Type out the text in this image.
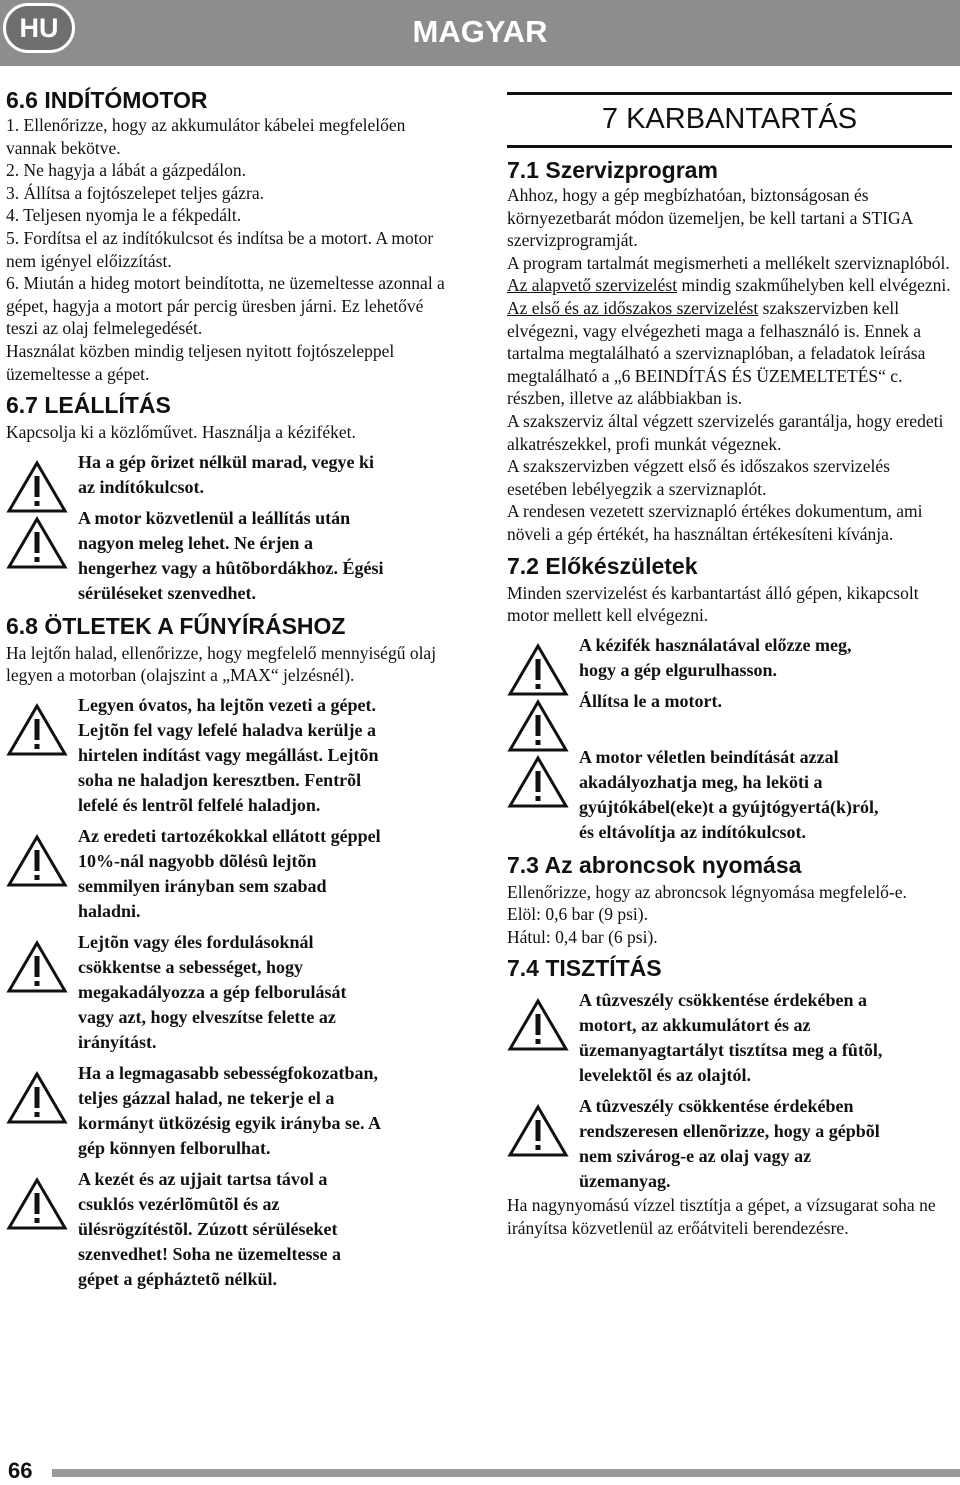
HU	MAGYAR
6.6 INDÍTÓMOTOR
1. Ellenőrizze, hogy az akkumulátor kábelei megfelelően vannak bekötve.
2. Ne hagyja a lábát a gázpedálon.
3. Állítsa a fojtószelepet teljes gázra.
4. Teljesen nyomja le a fékpedált.
5. Fordítsa el az indítókulcsot és indítsa be a motort. A motor nem igényel előizzítást.
6. Miután a hideg motort beindította, ne üzemeltesse azonnal a gépet, hagyja a motort pár percig üresben járni. Ez lehetővé teszi az olaj felmelegedését.
Használat közben mindig teljesen nyitott fojtószeleppel üzemeltesse a gépet.
6.7 LEÁLLÍTÁS
Kapcsolja ki a közlőművet. Használja a kéziféket.
Ha a gép õrizet nélkül marad, vegye ki
az indítókulcsot.
A motor közvetlenül a leállítás után
nagyon meleg lehet. Ne érjen a
hengerhez vagy a hûtõbordákhoz. Égési
sérüléseket szenvedhet.
6.8 ÖTLETEK A FŰNYÍRÁSHOZ
Ha lejtőn halad, ellenőrizze, hogy megfelelő mennyiségű olaj legyen a motorban (olajszint a „MAX“ jelzésnél).
Legyen óvatos, ha lejtõn vezeti a gépet.
Lejtõn fel vagy lefelé haladva kerülje a
hirtelen indítást vagy megállást. Lejtõn
soha ne haladjon keresztben. Fentrõl
lefelé és lentrõl felfelé haladjon.
Az eredeti tartozékokkal ellátott géppel
10%-nál nagyobb dõlésû lejtõn
semmilyen irányban sem szabad
haladni.
Lejtõn vagy éles fordulásoknál
csökkentse a sebességet, hogy
megakadályozza a gép felborulását
vagy azt, hogy elveszítse felette az
irányítást.
Ha a legmagasabb sebességfokozatban,
teljes gázzal halad, ne tekerje el a
kormányt ütközésig egyik irányba se. A
gép könnyen felborulhat.
A kezét és az ujjait tartsa távol a
csuklós vezérlõmûtõl és az
ülésrögzítéstõl. Zúzott sérüléseket
szenvedhet! Soha ne üzemeltesse a
gépet a gépháztetõ nélkül.
7 KARBANTARTÁS
7.1 Szervizprogram
Ahhoz, hogy a gép megbízhatóan, biztonságosan és környezetbarát módon üzemeljen, be kell tartani a STIGA szervizprogramját.
A program tartalmát megismerheti a mellékelt szerviznaplóból.
Az alapvető szervizelést mindig szakműhelyben kell elvégezni.
Az első és az időszakos szervizelést szakszervizben kell elvégezni, vagy elvégezheti maga a felhasználó is. Ennek a tartalma megtalálható a szerviznaplóban, a feladatok leírása megtalálható a „6 BEINDÍTÁS ÉS ÜZEMELTETÉS“ c. részben, illetve az alábbiakban is.
A szakszerviz által végzett szervizelés garantálja, hogy eredeti alkatrészekkel, profi munkát végeznek.
A szakszervizben végzett első és időszakos szervizelés esetében lebélyegzik a szerviznaplót.
A rendesen vezetett szerviznapló értékes dokumentum, ami növeli a gép értékét, ha használtan értékesíteni kívánja.
7.2 Előkészületek
Minden szervizelést és karbantartást álló gépen, kikapcsolt motor mellett kell elvégezni.
A kézifék használatával előzze meg,
hogy a gép elgurulhasson.
Állítsa le a motort.
A motor véletlen beindítását azzal
akadályozhatja meg, ha leköti a
gyújtókábel(eke)t a gyújtógyertá(k)ról,
és eltávolítja az indítókulcsot.
7.3 Az abroncsok nyomása
Ellenőrizze, hogy az abroncsok légnyomása megfelelő-e.
Elöl: 0,6 bar (9 psi).
Hátul: 0,4 bar (6 psi).
7.4 TISZTÍTÁS
A tûzveszély csökkentése érdekében a
motort, az akkumulátort és az
üzemanyagtartályt tisztítsa meg a fûtõl,
levelektõl és az olajtól.
A tûzveszély csökkentése érdekében
rendszeresen ellenõrizze, hogy a gépbõl
nem szivárog-e az olaj vagy az
üzemanyag.
Ha nagynyomású vízzel tisztítja a gépet, a vízsugarat soha ne irányítsa közvetlenül az erőátviteli berendezésre.
66
